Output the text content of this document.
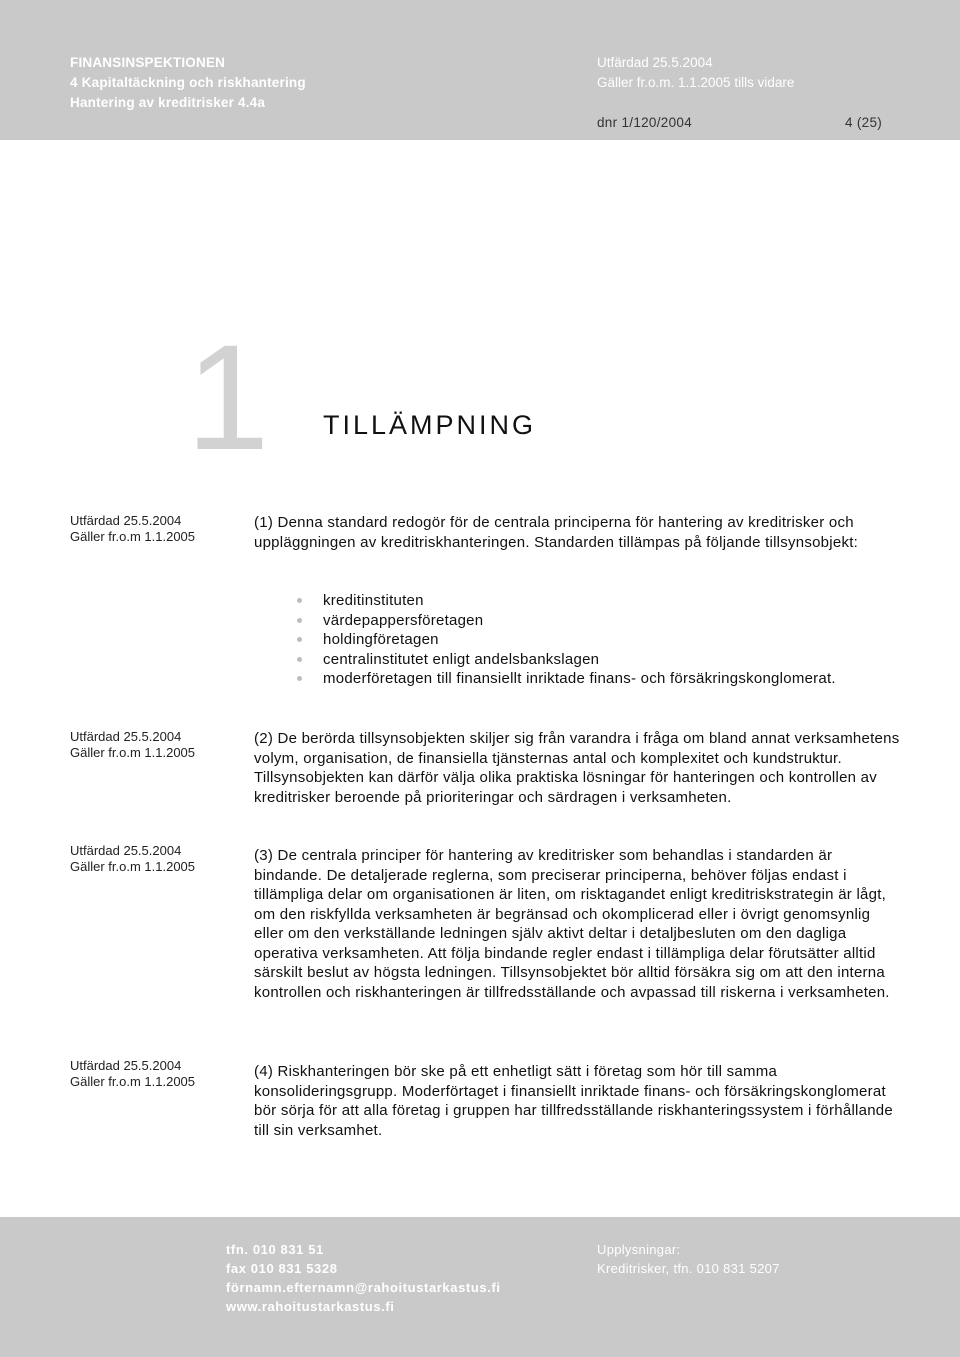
FINANSINSPEKTIONEN
4 Kapitaltäckning och riskhantering
Hantering av kreditrisker 4.4a
Utfärdad 25.5.2004
Gäller fr.o.m. 1.1.2005 tills vidare
dnr 1/120/2004	4 (25)
1 TILLÄMPNING
Utfärdad 25.5.2004
Gäller fr.o.m 1.1.2005

(1) Denna standard redogör för de centrala principerna för hantering av kreditrisker och uppläggningen av kreditriskhanteringen. Standarden tillämpas på följande tillsynsobjekt:

kreditinstituten
värdepappersföretagen
holdingföretagen
centralinstitutet enligt andelsbankslagen
moderföretagen till finansiellt inriktade finans- och försäkringskonglomerat.
Utfärdad 25.5.2004
Gäller fr.o.m 1.1.2005

(2) De berörda tillsynsobjekten skiljer sig från varandra i fråga om bland annat verksamhetens volym, organisation, de finansiella tjänsternas antal och komplexitet och kundstruktur. Tillsynsobjekten kan därför välja olika praktiska lösningar för hanteringen och kontrollen av kreditrisker beroende på prioriteringar och särdragen i verksamheten.

Utfärdad 25.5.2004
Gäller fr.o.m 1.1.2005

(3) De centrala principer för hantering av kreditrisker som behandlas i standarden är bindande. De detaljerade reglerna, som preciserar principerna, behöver följas endast i tillämpliga delar om organisationen är liten, om risktagandet enligt kreditriskstrategin är lågt, om den riskfyllda verksamheten är begränsad och okomplicerad eller i övrigt genomsynlig eller om den verkställande ledningen själv aktivt deltar i detaljbesluten om den dagliga operativa verksamheten. Att följa bindande regler endast i tillämpliga delar förutsätter alltid särskilt beslut av högsta ledningen. Tillsynsobjektet bör alltid försäkra sig om att den interna kontrollen och riskhanteringen är tillfredsställande och avpassad till riskerna i verksamheten.

Utfärdad 25.5.2004
Gäller fr.o.m 1.1.2005

(4) Riskhanteringen bör ske på ett enhetligt sätt i företag som hör till samma konsolideringsgrupp. Moderförtaget i finansiellt inriktade finans- och försäkringskonglomerat bör sörja för att alla företag i gruppen har tillfredsställande riskhanteringssystem i förhållande till sin verksamhet.

tfn. 010 831 51
fax 010 831 5328
förnamn.efternamn@rahoitustarkastus.fi
www.rahoitustarkastus.fi
Upplysningar:
Kreditrisker, tfn. 010 831 5207
